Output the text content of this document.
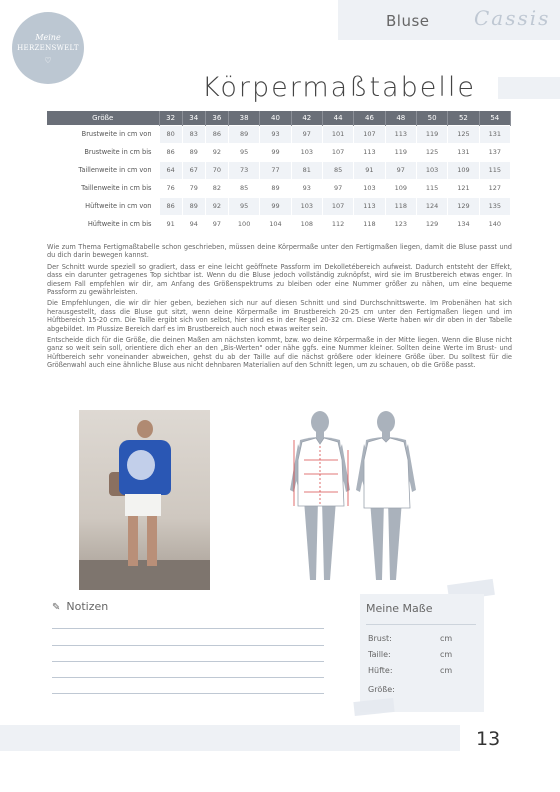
Bluse Cassis
Meine
HERZENSWELT
♡
Körpermaßtabelle
Größe	32	34	36	38	40	42	44	46	48	50	52	54
Brustweite in cm von	80	83	86	89	93	97	101	107	113	119	125	131
Brustweite in cm bis	86	89	92	95	99	103	107	113	119	125	131	137
Taillenweite in cm von	64	67	70	73	77	81	85	91	97	103	109	115
Taillenweite in cm bis	76	79	82	85	89	93	97	103	109	115	121	127
Hüftweite in cm von	86	89	92	95	99	103	107	113	118	124	129	135
Hüftweite in cm bis	91	94	97	100	104	108	112	118	123	129	134	140

Wie zum Thema Fertigmaßtabelle schon geschrieben, müssen deine Körpermaße unter den Fertigmaßen liegen, damit die Bluse passt und du dich darin bewegen kannst.

Der Schnitt wurde speziell so gradiert, dass er eine leicht geöffnete Passform im Dekolletébereich aufweist. Dadurch entsteht der Effekt, dass ein darunter getragenes Top sichtbar ist. Wenn du die Bluse jedoch vollständig zuknöpfst, wird sie im Brustbereich etwas enger. In diesem Fall empfehlen wir dir, am Anfang des Größenspektrums zu bleiben oder eine Nummer größer zu nähen, um eine bequeme Passform zu gewährleisten.

Die Empfehlungen, die wir dir hier geben, beziehen sich nur auf diesen Schnitt und sind Durchschnittswerte. Im Probenähen hat sich herausgestellt, dass die Bluse gut sitzt, wenn deine Körpermaße im Brustbereich 20-25 cm unter den Fertigmaßen liegen und im Hüftbereich 15-20 cm. Die Taille ergibt sich von selbst, hier sind es in der Regel 20-32 cm. Diese Werte haben wir dir oben in der Tabelle abgebildet. Im Plussize Bereich darf es im Brustbereich auch noch etwas weiter sein.

Entscheide dich für die Größe, die deinen Maßen am nächsten kommt, bzw. wo deine Körpermaße in der Mitte liegen. Wenn die Bluse nicht ganz so weit sein soll, orientiere dich eher an den „Bis-Werten" oder nähe ggfs. eine Nummer kleiner. Sollten deine Werte im Brust- und Hüftbereich sehr voneinander abweichen, gehst du ab der Taille auf die nächst größere oder kleinere Größe über. Du solltest für die Größenwahl auch eine ähnliche Bluse aus nicht dehnbaren Materialien auf den Schnitt legen, um zu schauen, ob die Größe passt.

✎ Notizen	Meine Maße
Brust:	cm
Taille:	cm
Hüfte:	cm
Größe:
13
